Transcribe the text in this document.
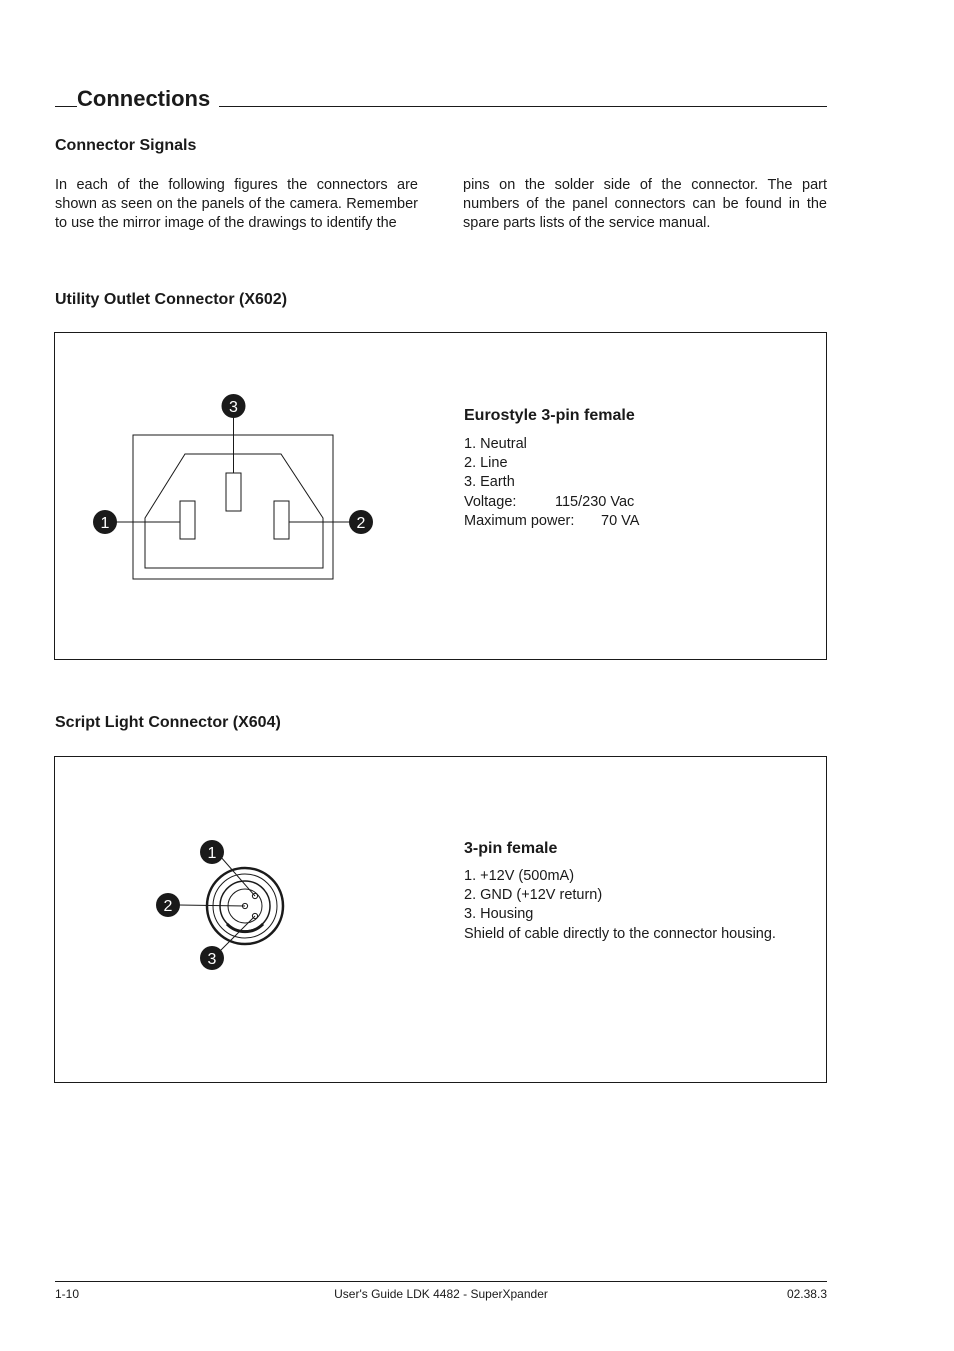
Connections
Connector Signals
In each of the following figures the connectors are shown as seen on the panels of the camera. Remember to use the mirror image of the drawings to identify the
pins on the solder side of the connector. The part numbers of the panel connectors can be found in the spare parts lists of the service manual.
Utility Outlet Connector (X602)
3
1	2
Eurostyle 3-pin female
1. Neutral
2. Line
3. Earth
Voltage:	115/230 Vac
Maximum power: 70 VA
Script Light Connector (X604)
1
2
3
3-pin female
1. +12V (500mA)
2. GND (+12V return)
3. Housing
Shield of cable directly to the connector housing.
1-10	User's Guide LDK 4482 - SuperXpander	02.38.3
